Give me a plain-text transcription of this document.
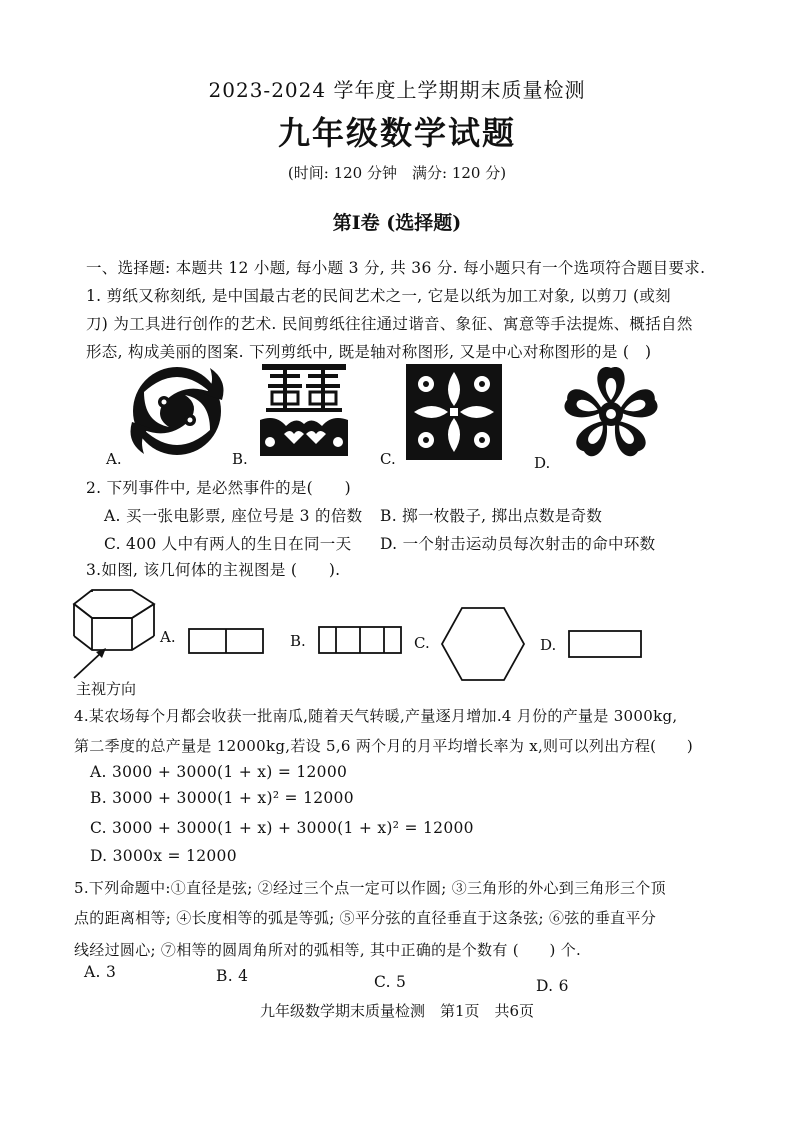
2023-2024 学年度上学期期末质量检测
九年级数学试题
(时间: 120 分钟　满分: 120 分)
第Ⅰ卷 (选择题)
一、选择题: 本题共 12 小题, 每小题 3 分, 共 36 分. 每小题只有一个选项符合题目要求.
1. 剪纸又称刻纸, 是中国最古老的民间艺术之一, 它是以纸为加工对象, 以剪刀 (或刻
刀) 为工具进行创作的艺术. 民间剪纸往往通过谐音、象征、寓意等手法提炼、概括自然
形态, 构成美丽的图案. 下列剪纸中, 既是轴对称图形, 又是中心对称图形的是 (　)
A.	B.	C.	D.
2. 下列事件中, 是必然事件的是(　　)
A. 买一张电影票, 座位号是 3 的倍数 B. 掷一枚骰子, 掷出点数是奇数
C. 400 人中有两人的生日在同一天 D. 一个射击运动员每次射击的命中环数
3.如图, 该几何体的主视图是 (　　).
主视方向
A.	B.	C.	D.
4.某农场每个月都会收获一批南瓜,随着天气转暖,产量逐月增加.4 月份的产量是 3000kg,
第二季度的总产量是 12000kg,若设 5,6 两个月的月平均增长率为 x,则可以列出方程(　　)
A. 3000 + 3000(1 + x) = 12000
B. 3000 + 3000(1 + x)² = 12000
C. 3000 + 3000(1 + x) + 3000(1 + x)² = 12000
D. 3000x = 12000
5.下列命题中:①直径是弦; ②经过三个点一定可以作圆; ③三角形的外心到三角形三个顶
点的距离相等; ④长度相等的弧是等弧; ⑤平分弦的直径垂直于这条弦; ⑥弦的垂直平分
线经过圆心; ⑦相等的圆周角所对的弧相等, 其中正确的是个数有 (　　) 个.
A. 3	B. 4	C. 5	D. 6
九年级数学期末质量检测　第1页　共6页
